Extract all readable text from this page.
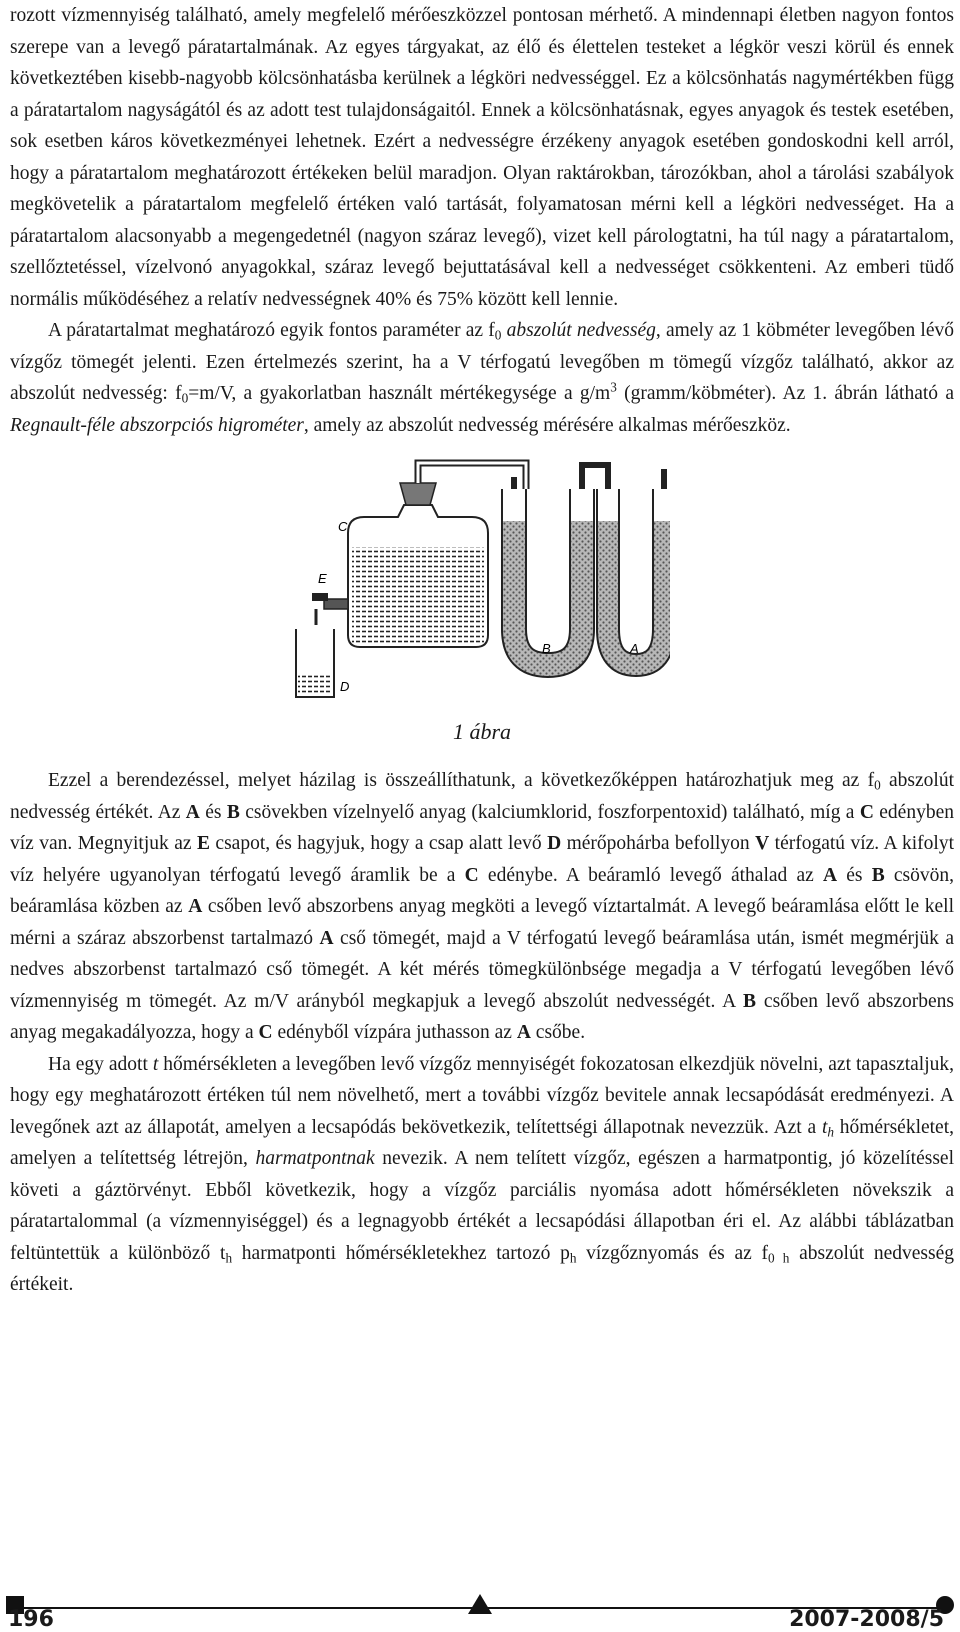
rozott vízmennyiség található, amely megfelelő mérőeszközzel pontosan mérhető. A mindennapi életben nagyon fontos szerepe van a levegő páratartalmának. Az egyes tárgyakat, az élő és élettelen testeket a légkör veszi körül és ennek következtében kisebb-nagyobb kölcsönhatásba kerülnek a légköri nedvességgel. Ez a kölcsönhatás nagymértékben függ a páratartalom nagyságától és az adott test tulajdonságaitól. Ennek a kölcsönhatásnak, egyes anyagok és testek esetében, sok esetben káros következményei lehetnek. Ezért a nedvességre érzékeny anyagok esetében gondoskodni kell arról, hogy a páratartalom meghatározott értékeken belül maradjon. Olyan raktárokban, tározókban, ahol a tárolási szabályok megkövetelik a páratartalom megfelelő értéken való tartását, folyamatosan mérni kell a légköri nedvességet. Ha a páratartalom alacsonyabb a megengedetnél (nagyon száraz levegő), vizet kell párologtatni, ha túl nagy a páratartalom, szellőztetéssel, vízelvonó anyagokkal, száraz levegő bejuttatásával kell a nedvességet csökkenteni. Az emberi tüdő normális működéséhez a relatív nedvességnek 40% és 75% között kell lennie.

A páratartalmat meghatározó egyik fontos paraméter az $f_0$ abszolút nedvesség, amely az 1 köbméter levegőben lévő vízgőz tömegét jelenti. Ezen értelmezés szerint, ha a V térfogatú levegőben m tömegű vízgőz található, akkor az abszolút nedvesség: $f_0=m/V$, a gyakorlatban használt mértékegysége a $g/m^3$ (gramm/köbméter). Az 1. ábrán látható a Regnault-féle abszorpciós higrométer, amely az abszolút nedvesség mérésére alkalmas mérőeszköz.

C
E
D
B	A
1 ábra

Ezzel a berendezéssel, melyet házilag is összeállíthatunk, a következőképpen határozhatjuk meg az $f_0$ abszolút nedvesség értékét. Az A és B csövekben vízelnyelő anyag (kalciumklorid, foszforpentoxid) található, míg a C edényben víz van. Megnyitjuk az E csapot, és hagyjuk, hogy a csap alatt levő D mérőpohárba befollyon V térfogatú víz. A kifolyt víz helyére ugyanolyan térfogatú levegő áramlik be a C edénybe. A beáramló levegő áthalad az A és B csövön, beáramlása közben az A csőben levő abszorbens anyag megköti a levegő víztartalmát. A levegő beáramlása előtt le kell mérni a száraz abszorbenst tartalmazó A cső tömegét, majd a V térfogatú levegő beáramlása után, ismét megmérjük a nedves abszorbenst tartalmazó cső tömegét. A két mérés tömegkülönbsége megadja a V térfogatú levegőben lévő vízmennyiség m tömegét. Az m/V arányból megkapjuk a levegő abszolút nedvességét. A B csőben levő abszorbens anyag megakadályozza, hogy a C edényből vízpára juthasson az A csőbe.

Ha egy adott t hőmérsékleten a levegőben levő vízgőz mennyiségét fokozatosan elkezdjük növelni, azt tapasztaljuk, hogy egy meghatározott értéken túl nem növelhető, mert a további vízgőz bevitele annak lecsapódását eredményezi. A levegőnek azt az állapotát, amelyen a lecsapódás bekövetkezik, telítettségi állapotnak nevezzük. Azt a $t_h$ hőmérsékletet, amelyen a telítettség létrejön, harmatpontnak nevezik. A nem telített vízgőz, egészen a harmatpontig, jó közelítéssel követi a gáztörvényt. Ebből következik, hogy a vízgőz parciális nyomása adott hőmérsékleten növekszik a páratartalommal (a vízmennyiséggel) és a legnagyobb értékét a lecsapódási állapotban éri el. Az alábbi táblázatban feltüntettük a különböző $t_h$ harmatponti hőmérsékletekhez tartozó $p_h$ vízgőznyomás és az $f_{0 h}$ abszolút nedvesség értékeit.

196	2007-2008/5
